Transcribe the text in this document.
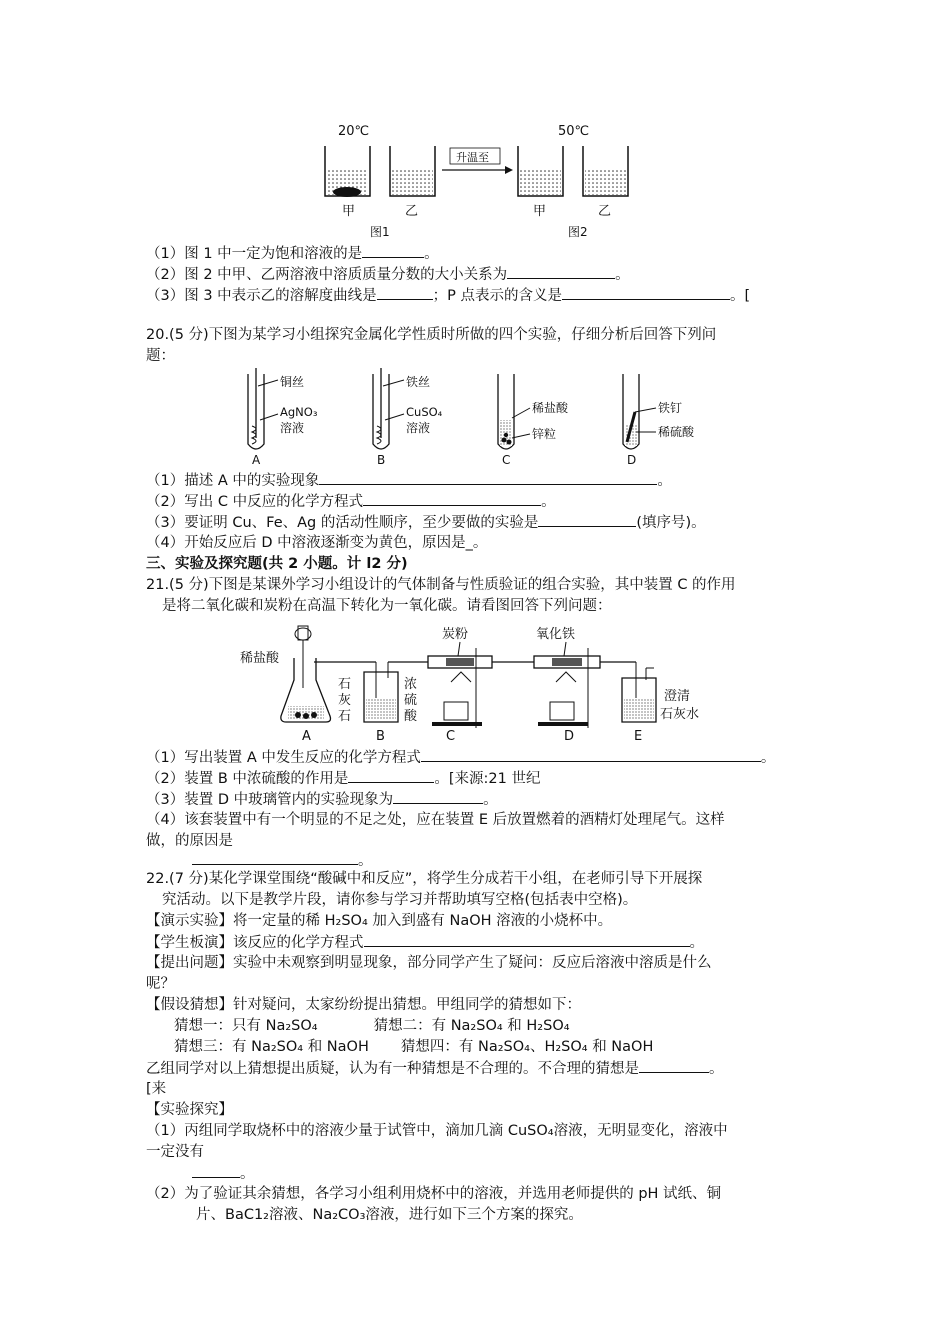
20℃	50℃
升温至
甲	乙	甲	乙
图1	图2
（1）图 1 中一定为饱和溶液的是	。
（2）图 2 中甲、乙两溶液中溶质质量分数的大小关系为	。
（3）图 3 中表示乙的溶解度曲线是	；P 点表示的含义是	。[
20.(5 分)下图为某学习小组探究金属化学性质时所做的四个实验，仔细分析后回答下列问
题：
铜丝
AgNO₃
溶液
A
铁丝
CuSO₄
溶液
B
稀盐酸
锌粒
C
铁钉
稀硫酸
D
（1）描述 A 中的实验现象	。
（2）写出 C 中反应的化学方程式	。
（3）要证明 Cu、Fe、Ag 的活动性顺序，至少要做的实验是	(填序号)。
（4）开始反应后 D 中溶液逐渐变为黄色，原因是_。
三、实验及探究题(共 2 小题。计 l2 分)
21.(5 分)下图是某课外学习小组设计的气体制备与性质验证的组合实验，其中装置 C 的作用
是将二氧化碳和炭粉在高温下转化为一氧化碳。请看图回答下列问题：
稀盐酸
石
灰
石
A
浓
硫
酸
B
炭粉
C
氧化铁
D
澄清
石灰水
E
（1）写出装置 A 中发生反应的化学方程式	。
（2）装置 B 中浓硫酸的作用是	。[来源:21 世纪
（3）装置 D 中玻璃管内的实验现象为	。
（4）该套装置中有一个明显的不足之处，应在装置 E 后放置燃着的酒精灯处理尾气。这样
做，的原因是
。
22.(7 分)某化学课堂围绕“酸碱中和反应”，将学生分成若干小组，在老师引导下开展探
究活动。以下是教学片段，请你参与学习并帮助填写空格(包括表中空格)。
【演示实验】将一定量的稀 H₂SO₄ 加入到盛有 NaOH 溶液的小烧杯中。
【学生板演】该反应的化学方程式	。
【提出问题】实验中未观察到明显现象，部分同学产生了疑问：反应后溶液中溶质是什么
呢？
【假设猜想】针对疑问，太家纷纷提出猜想。甲组同学的猜想如下：
猜想一：只有 Na₂SO₄	猜想二：有 Na₂SO₄ 和 H₂SO₄
猜想三：有 Na₂SO₄ 和 NaOH 猜想四：有 Na₂SO₄、H₂SO₄ 和 NaOH
乙组同学对以上猜想提出质疑，认为有一种猜想是不合理的。不合理的猜想是	。
[来
【实验探究】
（1）丙组同学取烧杯中的溶液少量于试管中，滴加几滴 CuSO₄溶液，无明显变化，溶液中
一定没有
。
（2）为了验证其余猜想，各学习小组利用烧杯中的溶液，并选用老师提供的 pH 试纸、铜
片、BaC1₂溶液、Na₂CO₃溶液，进行如下三个方案的探究。
